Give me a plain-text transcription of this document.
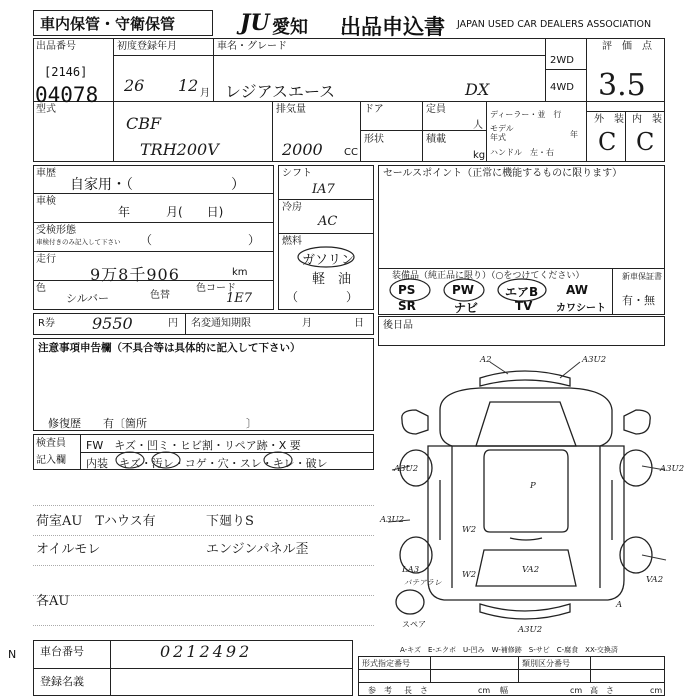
車内保管・守衛保管	JU 愛知 出品申込書 JAPAN USED CAR DEALERS ASSOCIATION
出品番号
[2146]
04078
初度登録年月
26 12 月
車名・グレード
レジアスエース	DX
2WD
4WD
評　価　点
3.5
型式
CBF
TRH200V
排気量
2000 CC
ドア
形状
定員
人
積載
kg
ディーラー・並　行
モデル
年式	年
ハンドル　左・右
外　装 内　装
C C
車歴
自家用・（　　　　　　　）
車検
年　　　月(　　日)
受検形態
車検付きのみ記入して下さい （　　　　　　　　）
走行
9万8千906	km
色
シルバー	色替
色コード
1E7
シフト
IA7
冷房
AC
燃料
ガソリン
軽　油
（　　　　）
セールスポイント（正常に機能するものに限ります）
装備品（純正品に限り）（○をつけてください）
PS	PW	エアB AW
SR	ナビ	TV カワシート
新車保証書
有・無
R券 9550	円 名変通知期限	月	日 後日品
注意事項申告欄（不具合等は具体的に記入して下さい）
修復歴　　有〔箇所　　　　　　　　　〕
検査員
記入欄
FW　キズ・凹ミ・ヒビ割・リペア跡・X 要
内装　キズ・汚レ・コゲ・穴・スレ・キレ・破レ
荷室AU　Tハウス有	下廻りS
オイルモレ	エンジンパネル歪
各AU
A2	A3U2
A3U2	A3U2
A3U2
P
W2
LA3
パテアラレ
W2	VA2
VA2
A
A3U2
スペア
A-キズ　E-エクボ　U-凹み　W-補修跡　S-サビ　C-腐食　XX-交換済
N 車台番号	0212492
登録名義
形式指定番号	類別区分番号
参　考 長　さ	cm 幅	cm 高　さ	cm
